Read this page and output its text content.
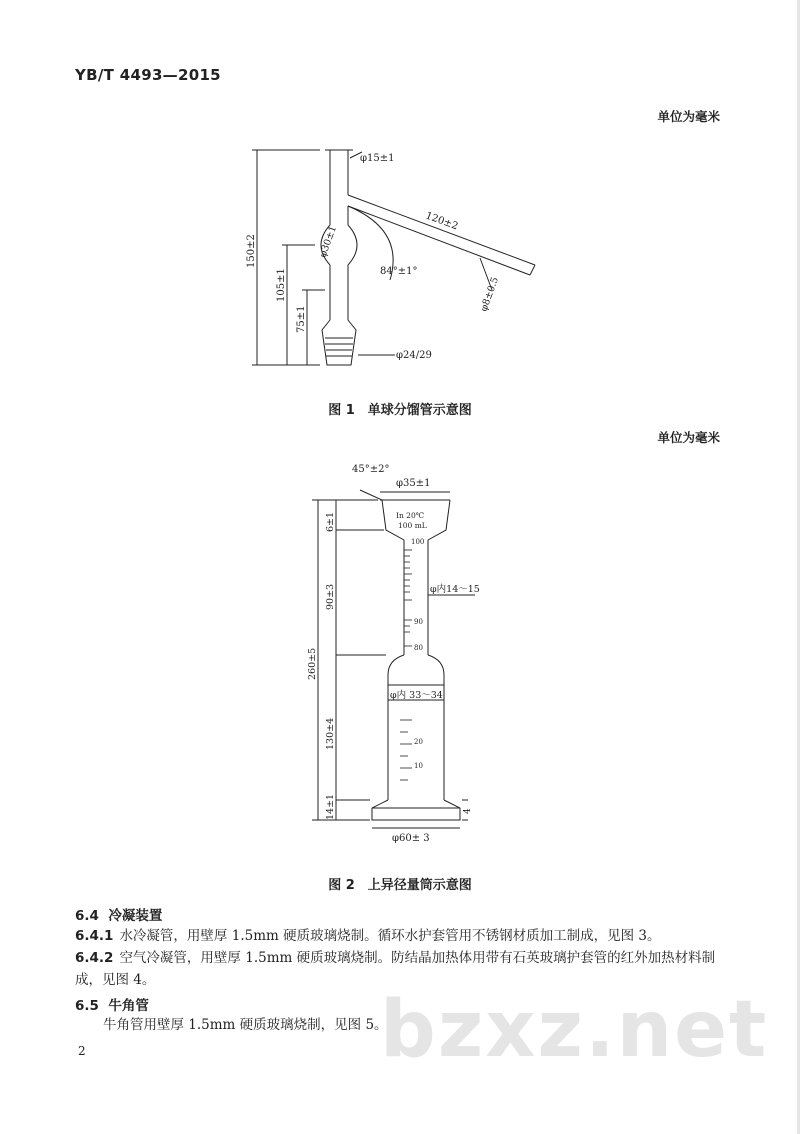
YB/T 4493—2015
单位为毫米
φ15±1
120±2
φ30±1
84°±1°
φ8±0.5
150±2
105±1
75±1
φ24/29
图 1　单球分馏管示意图
单位为毫米
45°±2°
φ35±1
In 20℃
100 mL
100
90
80
20
10
6±1
90±3
260±5
130±4
14±1	4
φ内14～15
φ内 33～34
φ60± 3
图 2　上异径量筒示意图
6.4 冷凝装置
6.4.1 水冷凝管，用壁厚 1.5mm 硬质玻璃烧制。循环水护套管用不锈钢材质加工制成，见图 3。
6.4.2 空气冷凝管，用壁厚 1.5mm 硬质玻璃烧制。防结晶加热体用带有石英玻璃护套管的红外加热材料制成，见图 4。
6.5 牛角管
牛角管用壁厚 1.5mm 硬质玻璃烧制，见图 5。
bzxz.net
2
